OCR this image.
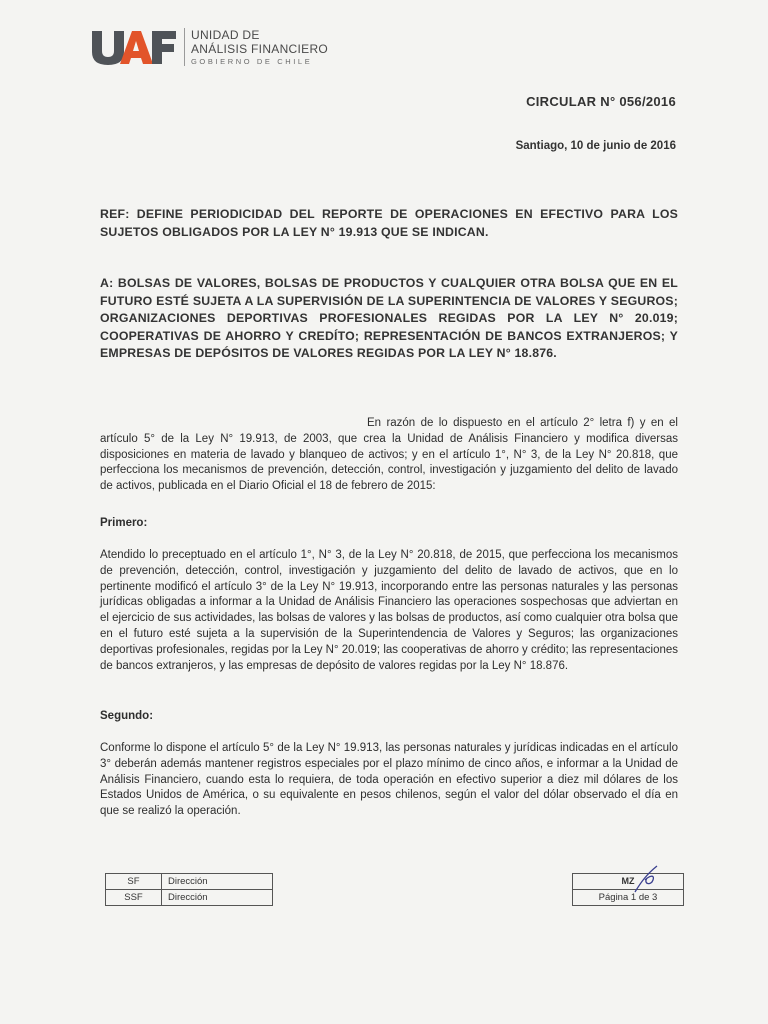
UNIDAD DE
ANÁLISIS FINANCIERO
GOBIERNO DE CHILE
CIRCULAR N° 056/2016
Santiago, 10 de junio de 2016
REF: DEFINE PERIODICIDAD DEL REPORTE DE OPERACIONES EN EFECTIVO PARA LOS SUJETOS OBLIGADOS POR LA LEY N° 19.913 QUE SE INDICAN.
A: BOLSAS DE VALORES, BOLSAS DE PRODUCTOS Y CUALQUIER OTRA BOLSA QUE EN EL FUTURO ESTÉ SUJETA A LA SUPERVISIÓN DE LA SUPERINTENCIA DE VALORES Y SEGUROS; ORGANIZACIONES DEPORTIVAS PROFESIONALES REGIDAS POR LA LEY N° 20.019; COOPERATIVAS DE AHORRO Y CREDÍTO; REPRESENTACIÓN DE BANCOS EXTRANJEROS; Y EMPRESAS DE DEPÓSITOS DE VALORES REGIDAS POR LA LEY N° 18.876.
En razón de lo dispuesto en el artículo 2° letra f) y en el artículo 5° de la Ley N° 19.913, de 2003, que crea la Unidad de Análisis Financiero y modifica diversas disposiciones en materia de lavado y blanqueo de activos; y en el artículo 1°, N° 3, de la Ley N° 20.818, que perfecciona los mecanismos de prevención, detección, control, investigación y juzgamiento del delito de lavado de activos, publicada en el Diario Oficial el 18 de febrero de 2015:
Primero:
Atendido lo preceptuado en el artículo 1°, N° 3, de la Ley N° 20.818, de 2015, que perfecciona los mecanismos de prevención, detección, control, investigación y juzgamiento del delito de lavado de activos, que en lo pertinente modificó el artículo 3° de la Ley N° 19.913, incorporando entre las personas naturales y las personas jurídicas obligadas a informar a la Unidad de Análisis Financiero las operaciones sospechosas que adviertan en el ejercicio de sus actividades, las bolsas de valores y las bolsas de productos, así como cualquier otra bolsa que en el futuro esté sujeta a la supervisión de la Superintendencia de Valores y Seguros; las organizaciones deportivas profesionales, regidas por la Ley N° 20.019; las cooperativas de ahorro y crédito; las representaciones de bancos extranjeros, y las empresas de depósito de valores regidas por la Ley N° 18.876.
Segundo:
Conforme lo dispone el artículo 5° de la Ley N° 19.913, las personas naturales y jurídicas indicadas en el artículo 3° deberán además mantener registros especiales por el plazo mínimo de cinco años, e informar a la Unidad de Análisis Financiero, cuando esta lo requiera, de toda operación en efectivo superior a diez mil dólares de los Estados Unidos de América, o su equivalente en pesos chilenos, según el valor del dólar observado el día en que se realizó la operación.
SF	Dirección
SSF	Dirección
MZ

Página 1 de 3
